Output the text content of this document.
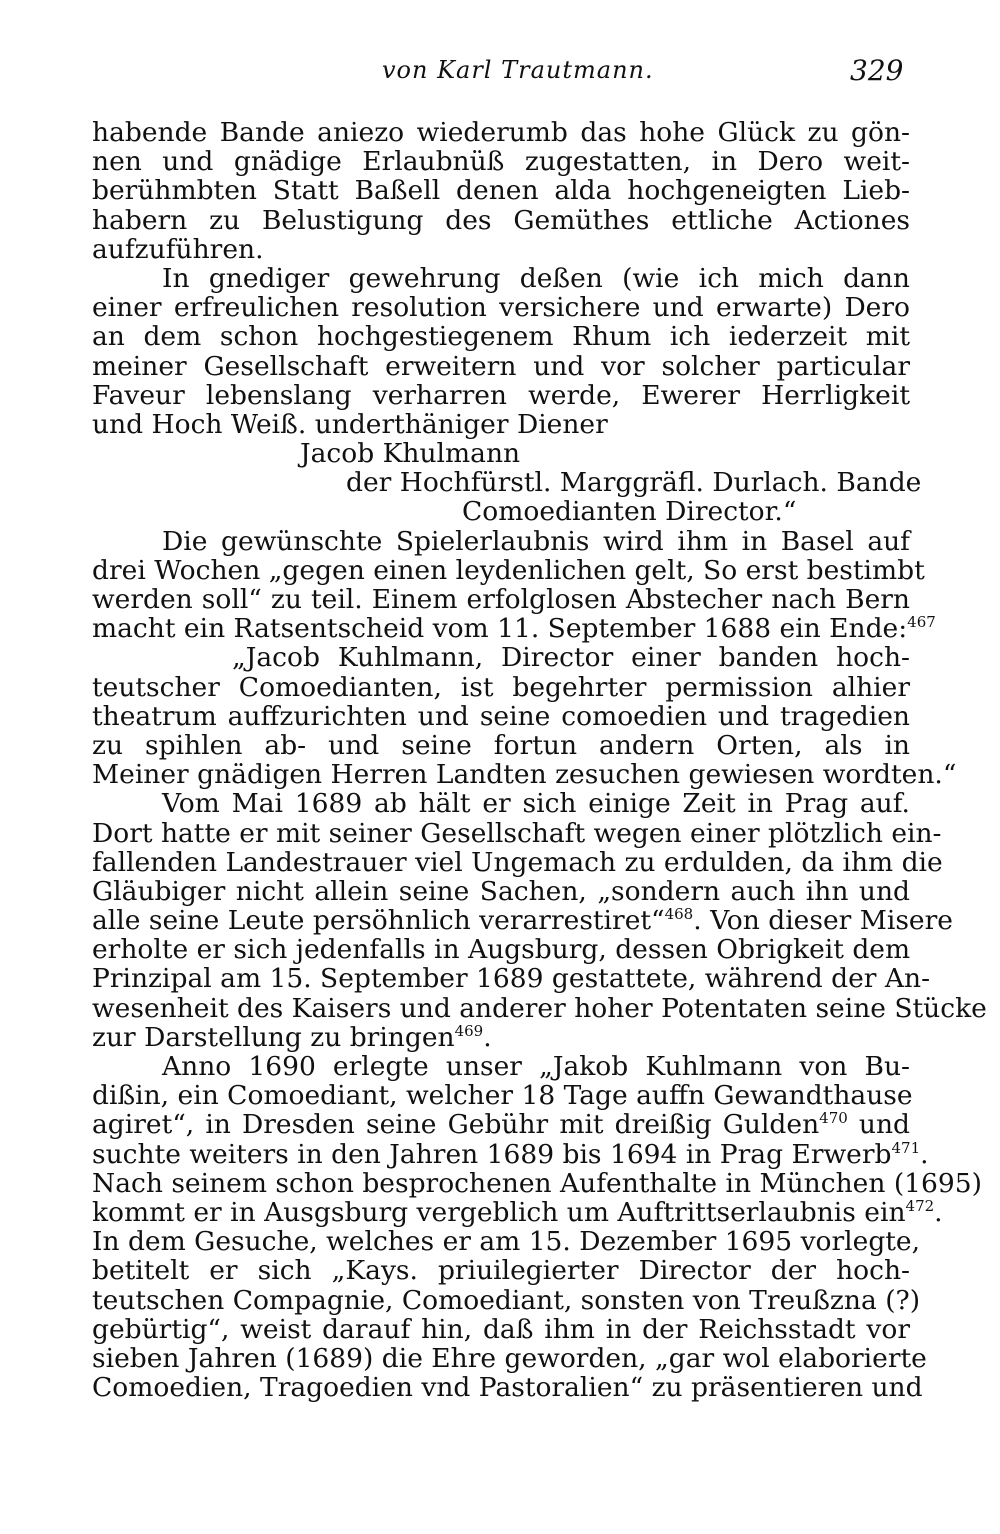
von Karl Trautmann.	329
habende Bande aniezo wiederumb das hohe Glück zu gön-
nen und gnädige Erlaubnüß zugestatten, in Dero weit-
berühmbten Statt Baßell denen alda hochgeneigten Lieb-
habern zu Belustigung des Gemüthes ettliche Actiones
aufzuführen.
In gnediger gewehrung deßen (wie ich mich dann
einer erfreulichen resolution versichere und erwarte) Dero
an dem schon hochgestiegenem Rhum ich iederzeit mit
meiner Gesellschaft erweitern und vor solcher particular
Faveur lebenslang verharren werde, Ewerer Herrligkeit
und Hoch Weiß. underthäniger Diener
Jacob Khulmann
der Hochfürstl. Marggräfl. Durlach. Bande
Comoedianten Director.“
Die gewünschte Spielerlaubnis wird ihm in Basel auf
drei Wochen „gegen einen leydenlichen gelt, So erst bestimbt
werden soll“ zu teil. Einem erfolglosen Abstecher nach Bern
macht ein Ratsentscheid vom 11. September 1688 ein Ende:$^{467}$
„Jacob Kuhlmann, Director einer banden hoch-
teutscher Comoedianten, ist begehrter permission alhier
theatrum auffzurichten und seine comoedien und tragedien
zu spihlen ab- und seine fortun andern Orten, als in
Meiner gnädigen Herren Landten zesuchen gewiesen wordten.“
Vom Mai 1689 ab hält er sich einige Zeit in Prag auf.
Dort hatte er mit seiner Gesellschaft wegen einer plötzlich ein-
fallenden Landestrauer viel Ungemach zu erdulden, da ihm die
Gläubiger nicht allein seine Sachen, „sondern auch ihn und
alle seine Leute persöhnlich verarrestiret“$^{468}$. Von dieser Misere
erholte er sich jedenfalls in Augsburg, dessen Obrigkeit dem
Prinzipal am 15. September 1689 gestattete, während der An-
wesenheit des Kaisers und anderer hoher Potentaten seine Stücke
zur Darstellung zu bringen$^{469}$.
Anno 1690 erlegte unser „Jakob Kuhlmann von Bu-
dißin, ein Comoediant, welcher 18 Tage auffn Gewandthause
agiret“, in Dresden seine Gebühr mit dreißig Gulden$^{470}$ und
suchte weiters in den Jahren 1689 bis 1694 in Prag Erwerb$^{471}$.
Nach seinem schon besprochenen Aufenthalte in München (1695)
kommt er in Ausgsburg vergeblich um Auftrittserlaubnis ein$^{472}$.
In dem Gesuche, welches er am 15. Dezember 1695 vorlegte,
betitelt er sich „Kays. priuilegierter Director der hoch-
teutschen Compagnie, Comoediant, sonsten von Treußzna (?)
gebürtig“, weist darauf hin, daß ihm in der Reichsstadt vor
sieben Jahren (1689) die Ehre geworden, „gar wol elaborierte
Comoedien, Tragoedien vnd Pastoralien“ zu präsentieren und
